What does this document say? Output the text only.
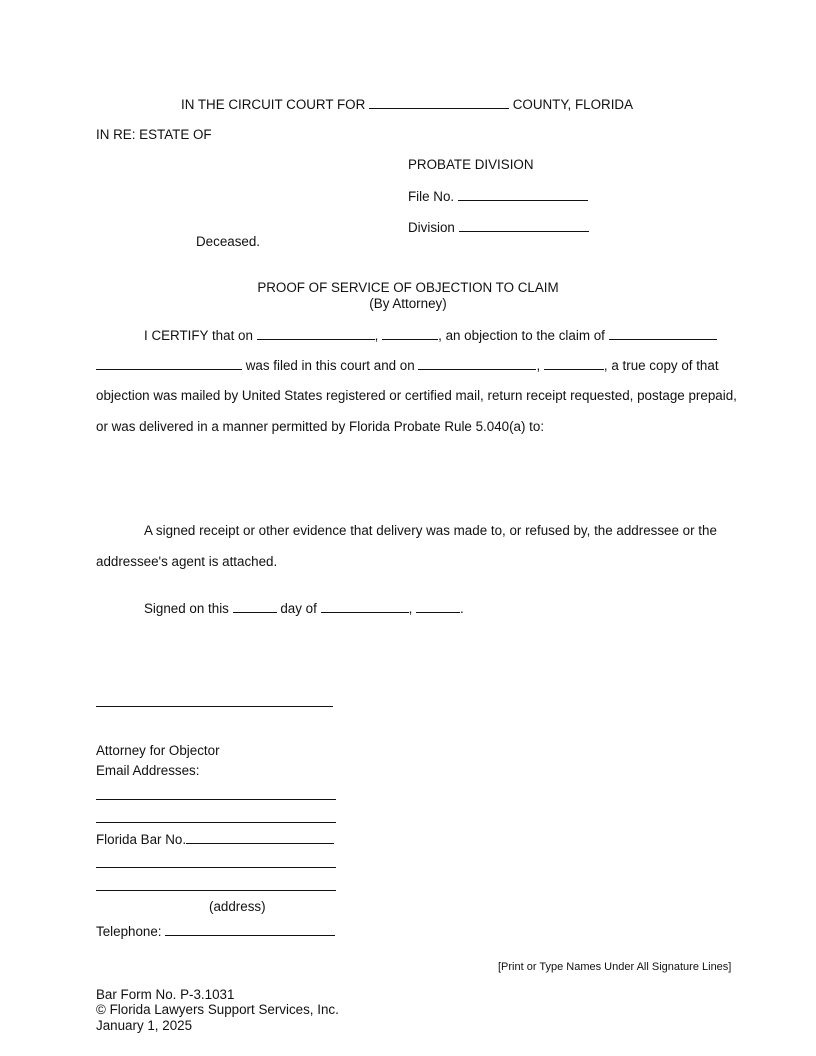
IN THE CIRCUIT COURT FOR	COUNTY, FLORIDA
IN RE: ESTATE OF
PROBATE DIVISION
File No.
Division
Deceased.
PROOF OF SERVICE OF OBJECTION TO CLAIM
(By Attorney)
I CERTIFY that on	,	, an objection to the claim of
was filed in this court and on	,	, a true copy of that
objection was mailed by United States registered or certified mail, return receipt requested, postage prepaid,
or was delivered in a manner permitted by Florida Probate Rule 5.040(a) to:
A signed receipt or other evidence that delivery was made to, or refused by, the addressee or the
addressee's agent is attached.
Signed on this	day of	,	.
Attorney for Objector
Email Addresses:
Florida Bar No.
(address)
Telephone:
[Print or Type Names Under All Signature Lines]
Bar Form No. P-3.1031
© Florida Lawyers Support Services, Inc.
January 1, 2025
